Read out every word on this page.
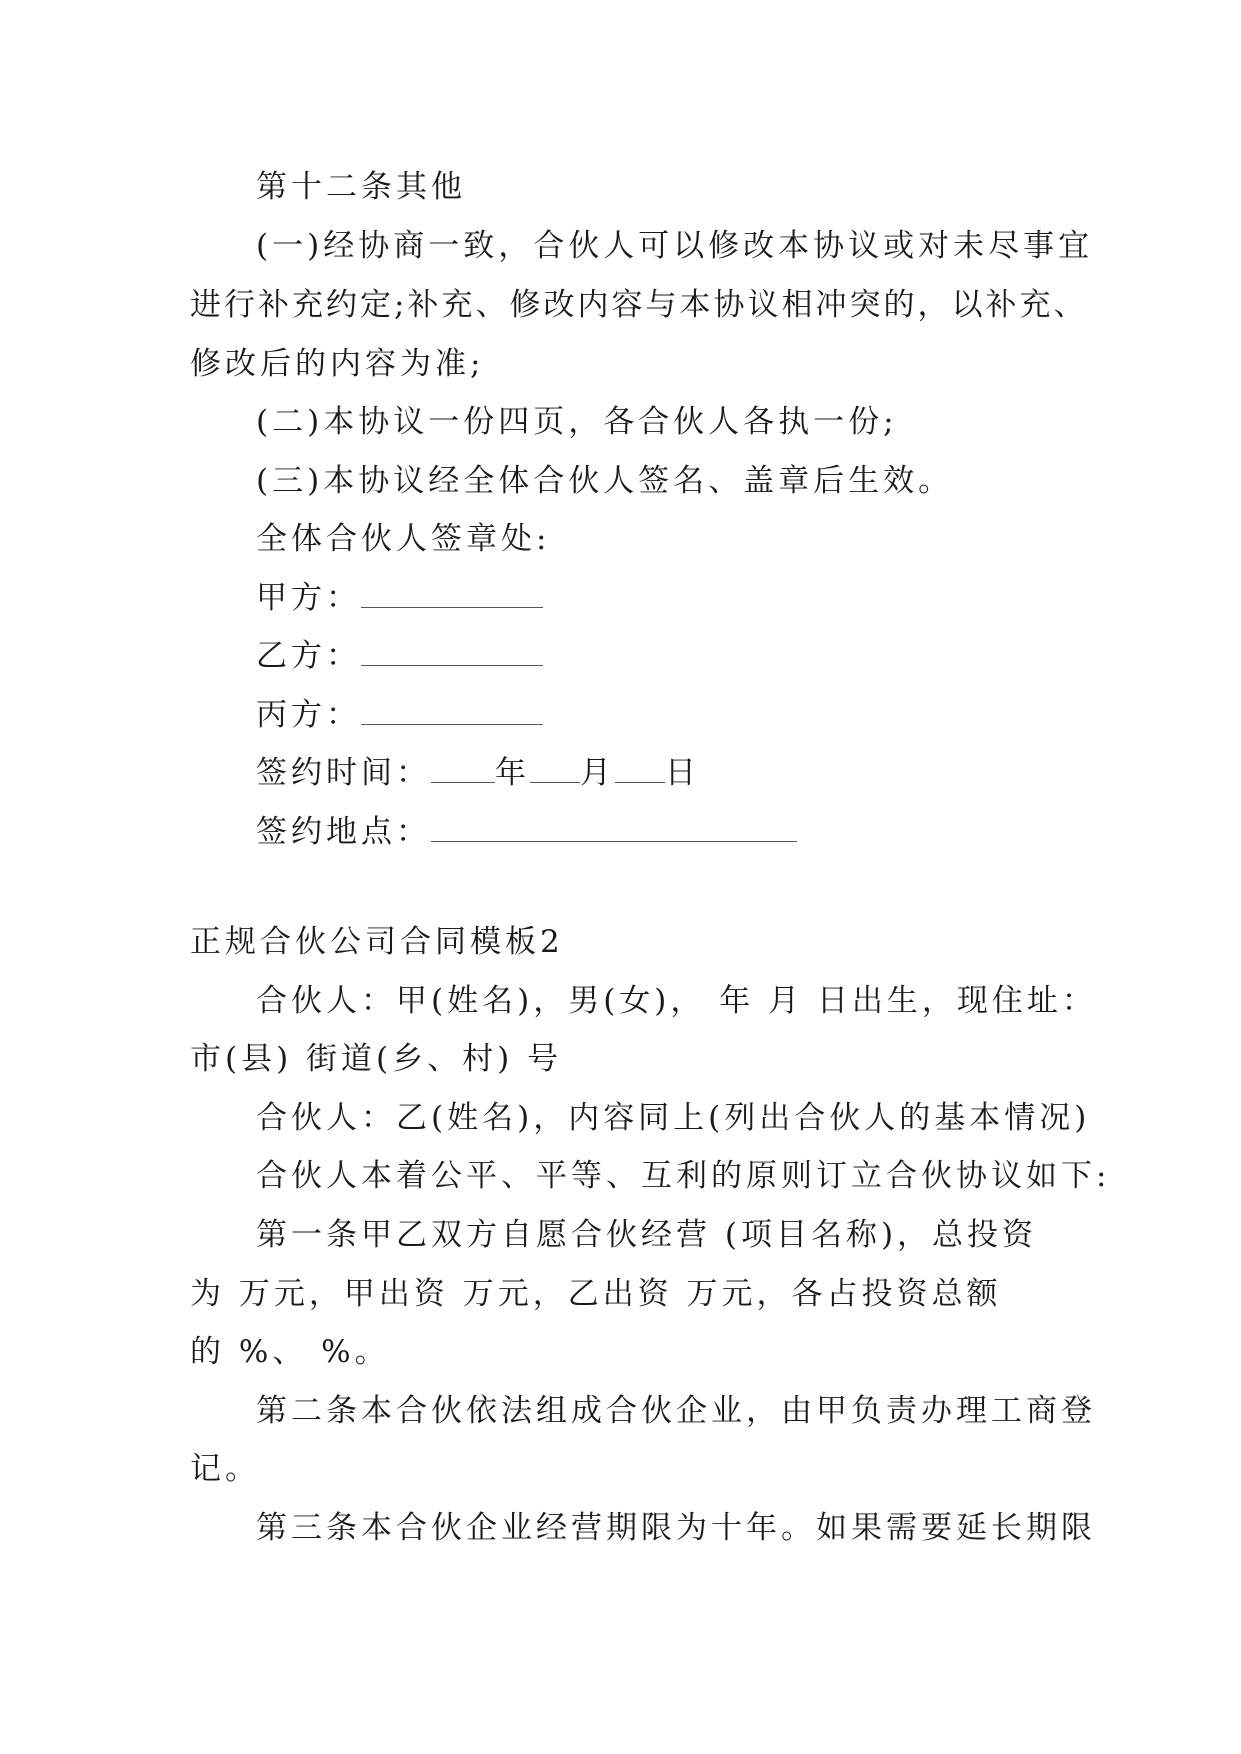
第十二条其他
(一)经协商一致，合伙人可以修改本协议或对未尽事宜
进行补充约定;补充、修改内容与本协议相冲突的，以补充、
修改后的内容为准;
(二)本协议一份四页，各合伙人各执一份;
(三)本协议经全体合伙人签名、盖章后生效。
全体合伙人签章处:
甲方：
乙方：
丙方：
签约时间： 年 月 日
签约地点：
正规合伙公司合同模板2
合伙人：甲(姓名)，男(女)， 年 月 日出生，现住址：
市(县) 街道(乡、村) 号
合伙人：乙(姓名)，内容同上(列出合伙人的基本情况)
合伙人本着公平、平等、互利的原则订立合伙协议如下:
第一条甲乙双方自愿合伙经营 (项目名称)，总投资
为 万元，甲出资 万元，乙出资 万元，各占投资总额
的 %、 %。
第二条本合伙依法组成合伙企业，由甲负责办理工商登
记。
第三条本合伙企业经营期限为十年。如果需要延长期限
